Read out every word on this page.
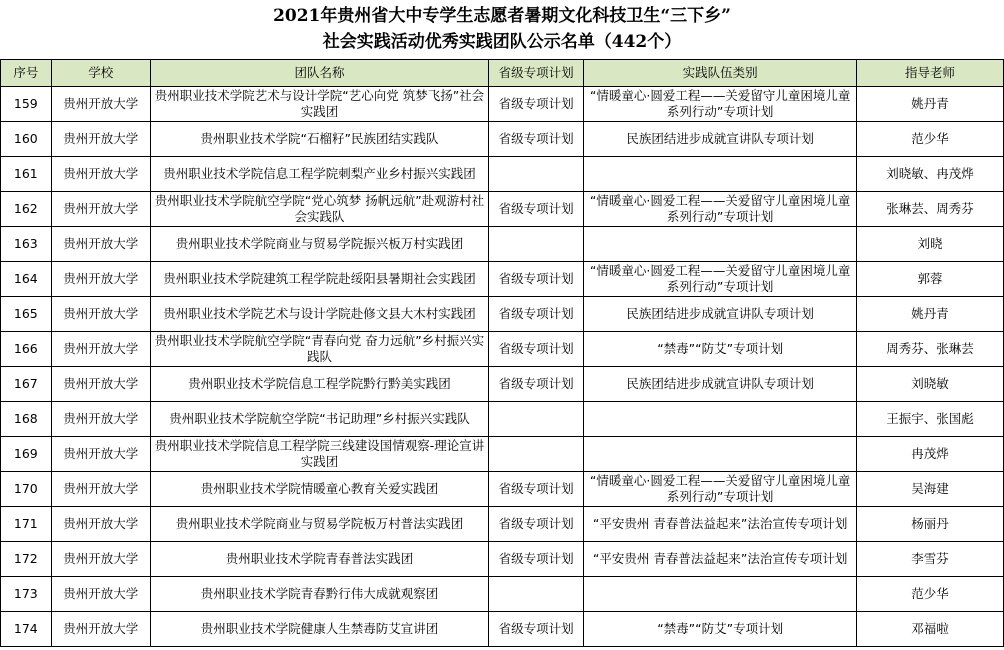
2021年贵州省大中专学生志愿者暑期文化科技卫生“三下乡”
社会实践活动优秀实践团队公示名单（442个）
序号	学校	团队名称	省级专项计划	实践队伍类别	指导老师
159	贵州开放大学	贵州职业技术学院艺术与设计学院“艺心向党 筑梦飞扬”社会实践团	省级专项计划	“情暖童心·圆爱工程——关爱留守儿童困境儿童系列行动”专项计划	姚丹青
160	贵州开放大学	贵州职业技术学院“石榴籽”民族团结实践队	省级专项计划	民族团结进步成就宣讲队专项计划	范少华
161	贵州开放大学	贵州职业技术学院信息工程学院刺梨产业乡村振兴实践团			刘晓敏、冉茂烨
162	贵州开放大学	贵州职业技术学院航空学院“党心筑梦 扬帆远航”赴观游村社会实践队	省级专项计划	“情暖童心·圆爱工程——关爱留守儿童困境儿童系列行动”专项计划	张琳芸、周秀芬
163	贵州开放大学	贵州职业技术学院商业与贸易学院振兴板万村实践团			刘晓
164	贵州开放大学	贵州职业技术学院建筑工程学院赴绥阳县暑期社会实践团	省级专项计划	“情暖童心·圆爱工程——关爱留守儿童困境儿童系列行动”专项计划	郭蓉
165	贵州开放大学	贵州职业技术学院艺术与设计学院赴修文县大木村实践团	省级专项计划	民族团结进步成就宣讲队专项计划	姚丹青
166	贵州开放大学	贵州职业技术学院航空学院“青春向党 奋力远航”乡村振兴实践队	省级专项计划	“禁毒”“防艾”专项计划	周秀芬、张琳芸
167	贵州开放大学	贵州职业技术学院信息工程学院黔行黔美实践团	省级专项计划	民族团结进步成就宣讲队专项计划	刘晓敏
168	贵州开放大学	贵州职业技术学院航空学院“书记助理”乡村振兴实践队			王振宇、张国彪
169	贵州开放大学	贵州职业技术学院信息工程学院三线建设国情观察-理论宣讲实践团			冉茂烨
170	贵州开放大学	贵州职业技术学院情暖童心教育关爱实践团	省级专项计划	“情暖童心·圆爱工程——关爱留守儿童困境儿童系列行动”专项计划	吴海建
171	贵州开放大学	贵州职业技术学院商业与贸易学院板万村普法实践团	省级专项计划	“平安贵州 青春普法益起来”法治宣传专项计划	杨丽丹
172	贵州开放大学	贵州职业技术学院青春普法实践团	省级专项计划	“平安贵州 青春普法益起来”法治宣传专项计划	李雪芬
173	贵州开放大学	贵州职业技术学院青春黔行伟大成就观察团			范少华
174	贵州开放大学	贵州职业技术学院健康人生禁毒防艾宣讲团	省级专项计划	“禁毒”“防艾”专项计划	邓福啦
